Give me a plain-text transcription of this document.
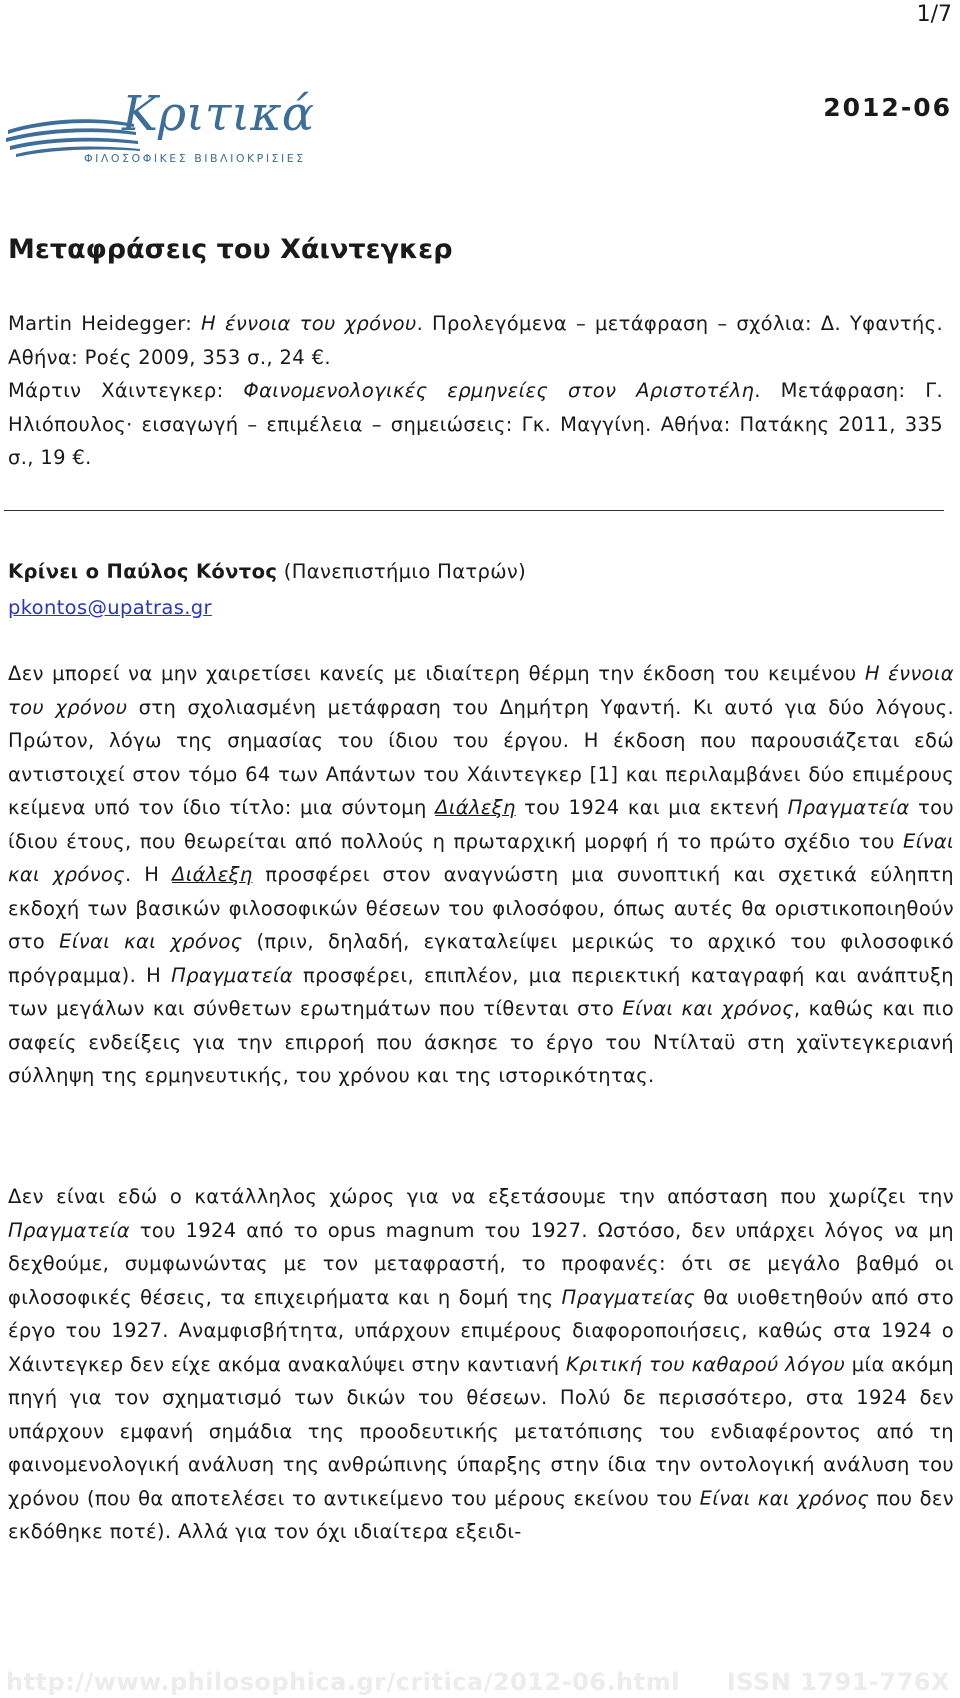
1/7
Κριτικά
ΦΙΛΟΣΟΦΙΚΕΣ ΒΙΒΛΙΟΚΡΙΣΙΕΣ
2012-06
Μεταφράσεις του Χάιντεγκερ

Martin Heidegger: Η έννοια του χρόνου. Προλεγόμενα – μετάφραση – σχόλια: Δ. Υφαντής. Αθήνα: Ροές 2009, 353 σ., 24 €.

Μάρτιν Χάιντεγκερ: Φαινομενολογικές ερμηνείες στον Αριστοτέλη. Μετάφραση: Γ. Ηλιόπουλος· εισαγωγή – επιμέλεια – σημειώσεις: Γκ. Μαγγίνη. Αθήνα: Πατάκης 2011, 335 σ., 19 €.

Κρίνει ο Παύλος Κόντος (Πανεπιστήμιο Πατρών)
pkontos@upatras.gr

Δεν μπορεί να μην χαιρετίσει κανείς με ιδιαίτερη θέρμη την έκδοση του κειμένου Η έννοια του χρόνου στη σχολιασμένη μετάφραση του Δημήτρη Υφαντή. Κι αυτό για δύο λόγους. Πρώτον, λόγω της σημασίας του ίδιου του έργου. Η έκδοση που παρουσιάζεται εδώ αντιστοιχεί στον τόμο 64 των Απάντων του Χάιντεγκερ [1] και περιλαμβάνει δύο επιμέρους κείμενα υπό τον ίδιο τίτλο: μια σύντομη Διάλεξη του 1924 και μια εκτενή Πραγματεία του ίδιου έτους, που θεωρείται από πολλούς η πρωταρχική μορφή ή το πρώτο σχέδιο του Είναι και χρόνος. Η Διάλεξη προσφέρει στον αναγνώστη μια συνοπτική και σχετικά εύληπτη εκδοχή των βασικών φιλοσοφικών θέσεων του φιλοσόφου, όπως αυτές θα οριστικοποιηθούν στο Είναι και χρόνος (πριν, δηλαδή, εγκαταλείψει μερικώς το αρχικό του φιλοσοφικό πρόγραμμα). Η Πραγματεία προσφέρει, επιπλέον, μια περιεκτική καταγραφή και ανάπτυξη των μεγάλων και σύνθετων ερωτημάτων που τίθενται στο Είναι και χρόνος, καθώς και πιο σαφείς ενδείξεις για την επιρροή που άσκησε το έργο του Ντίλταϋ στη χαϊντεγκεριανή σύλληψη της ερμηνευτικής, του χρόνου και της ιστορικότητας.

Δεν είναι εδώ ο κατάλληλος χώρος για να εξετάσουμε την απόσταση που χωρίζει την Πραγματεία του 1924 από το opus magnum του 1927. Ωστόσο, δεν υπάρχει λόγος να μη δεχθούμε, συμφωνώντας με τον μεταφραστή, το προφανές: ότι σε μεγάλο βαθμό οι φιλοσοφικές θέσεις, τα επιχειρήματα και η δομή της Πραγματείας θα υιοθετηθούν από στο έργο του 1927. Αναμφισβήτητα, υπάρχουν επιμέρους διαφοροποιήσεις, καθώς στα 1924 ο Χάιντεγκερ δεν είχε ακόμα ανακαλύψει στην καντιανή Κριτική του καθαρού λόγου μία ακόμη πηγή για τον σχηματισμό των δικών του θέσεων. Πολύ δε περισσότερο, στα 1924 δεν υπάρχουν εμφανή σημάδια της προοδευτικής μετατόπισης του ενδιαφέροντος από τη φαινομενολογική ανάλυση της ανθρώπινης ύπαρξης στην ίδια την οντολογική ανάλυση του χρόνου (που θα αποτελέσει το αντικείμενο του μέρους εκείνου του Είναι και χρόνος που δεν εκδόθηκε ποτέ). Αλλά για τον όχι ιδιαίτερα εξειδι-

http://www.philosophica.gr/critica/2012-06.html ISSN 1791-776X
